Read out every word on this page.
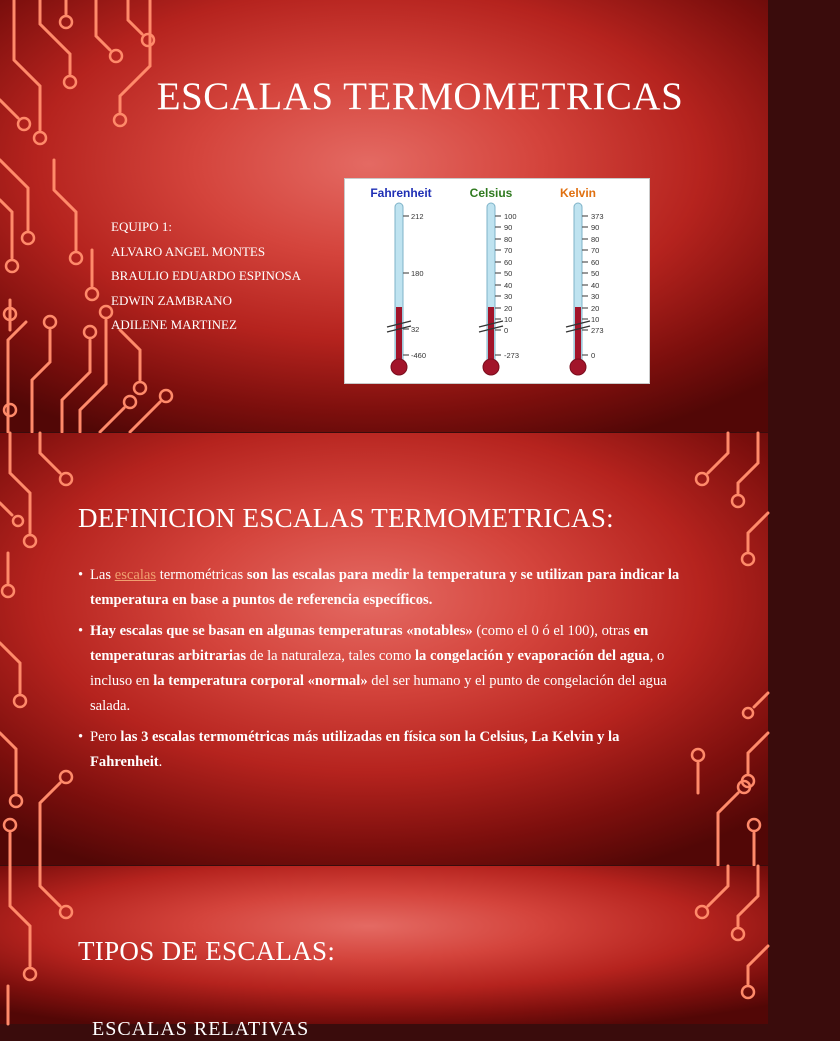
ESCALAS TERMOMETRICAS
EQUIPO 1:
ALVARO ANGEL MONTES
BRAULIO EDUARDO ESPINOSA
EDWIN ZAMBRANO
ADILENE MARTINEZ
Fahrenheit	Celsius	Kelvin
212
180
32
-460
100
90
80
70
60
50
40
30
20
10
0
-273
373
90
80
70
60
50
40
30
20
10
273
0
DEFINICION ESCALAS TERMOMETRICAS:
• Las escalas termométricas son las escalas para medir la temperatura y se utilizan para indicar la temperatura en base a puntos de referencia específicos.
• Hay escalas que se basan en algunas temperaturas «notables» (como el 0 ó el 100), otras en temperaturas arbitrarias de la naturaleza, tales como la congelación y evaporación del agua, o incluso en la temperatura corporal «normal» del ser humano y el punto de congelación del agua salada.
• Pero las 3 escalas termométricas más utilizadas en física son la Celsius, La Kelvin y la Fahrenheit.
TIPOS DE ESCALAS:
ESCALAS RELATIVAS
